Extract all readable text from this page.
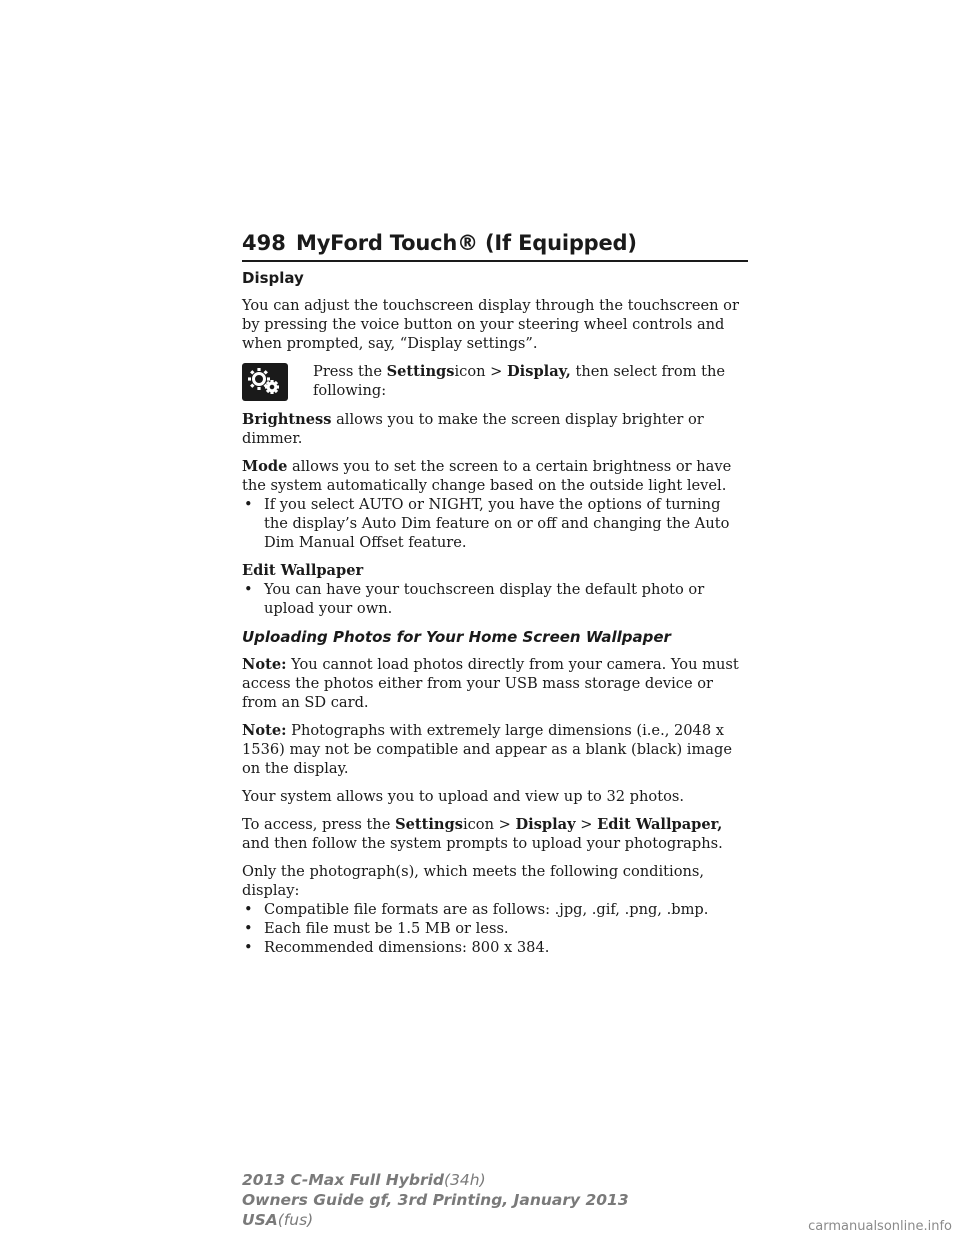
498 MyFord Touch® (If Equipped)
Display

You can adjust the touchscreen display through the touchscreen or by pressing the voice button on your steering wheel controls and when prompted, say, “Display settings”.

Press the Settingsicon > Display, then select from the following:

Brightness allows you to make the screen display brighter or dimmer.

Mode allows you to set the screen to a certain brightness or have the system automatically change based on the outside light level.

• If you select AUTO or NIGHT, you have the options of turning the display’s Auto Dim feature on or off and changing the Auto Dim Manual Offset feature.

Edit Wallpaper

• You can have your touchscreen display the default photo or upload your own.
Uploading Photos for Your Home Screen Wallpaper

Note: You cannot load photos directly from your camera. You must access the photos either from your USB mass storage device or from an SD card.

Note: Photographs with extremely large dimensions (i.e., 2048 x 1536) may not be compatible and appear as a blank (black) image on the display.

Your system allows you to upload and view up to 32 photos.

To access, press the Settingsicon > Display > Edit Wallpaper, and then follow the system prompts to upload your photographs.

Only the photograph(s), which meets the following conditions, display:

• Compatible file formats are as follows: .jpg, .gif, .png, .bmp.
• Each file must be 1.5 MB or less.
• Recommended dimensions: 800 x 384.
2013 C-Max Full Hybrid(34h)
Owners Guide gf, 3rd Printing, January 2013
USA(fus)	carmanualsonline.info
